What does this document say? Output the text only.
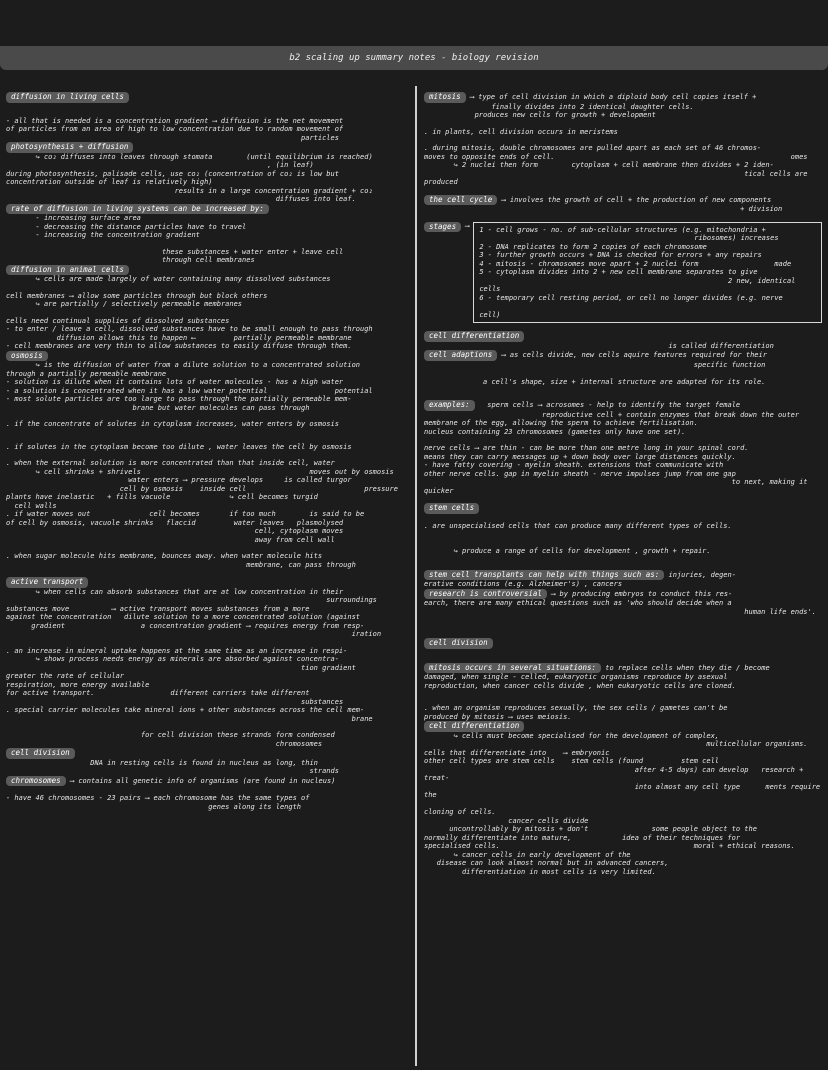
b2 scaling up summary notes - biology revision
diffusion in living cells

- all that is needed is a concentration gradient ⟶ diffusion is the net movement
of particles from an area of high to low concentration due to random movement of
particles

photosynthesis + diffusion

↪ co₂ diffuses into leaves through stomata        (until equilibrium is reached)
, (in leaf)
during photosynthesis, palisade cells, use co₂ (concentration of co₂ is low but
concentration outside of leaf is relatively high)

results in a large concentration gradient + co₂
diffuses into leaf.

rate of diffusion in living systems can be increased by:

- increasing surface area
- decreasing the distance particles have to travel
- increasing the concentration gradient

these substances + water enter + leave cell
through cell membranes

diffusion in animal cells

↪ cells are made largely of water containing many dissolved substances

cell membranes ⟶ allow some particles through but block others
↪ are partially / selectively permeable membranes

cells need continual supplies of dissolved substances
- to enter / leave a cell, dissolved substances have to be small enough to pass through
diffusion allows this to happen ⟵         partially permeable membrane
- cell membranes are very thin to allow substances to easily diffuse through them.

osmosis

↪ is the diffusion of water from a dilute solution to a concentrated solution
through a partially permeable membrane
- solution is dilute when it contains lots of water molecules - has a high water
- a solution is concentrated when it has a low water potential                potential

- most solute particles are too large to pass through the partially permeable mem-
brane but water molecules can pass through

. if the concentrate of solutes in cytoplasm increases, water enters by osmosis

. if solutes in the cytoplasm become too dilute , water leaves the cell by osmosis

. when the external solution is more concentrated than that inside cell, water
↪ cell shrinks + shrivels                                        moves out by osmosis
water enters ⟶ pressure develops     is called turgor
cell by osmosis    inside cell                            pressure
plants have inelastic   + fills vacuole              ↪ cell becomes turgid
cell walls
. if water moves out              cell becomes       if too much        is said to be
of cell by osmosis, vacuole shrinks   flaccid         water leaves   plasmolysed
cell, cytoplasm moves
away from cell wall

. when sugar molecule hits membrane, bounces away. when water molecule hits
membrane, can pass through

active transport

↪ when cells can absorb substances that are at low concentration in their
surroundings
substances move          ⟶ active transport moves substances from a more
against the concentration   dilute solution to a more concentrated solution (against
gradient                  a concentration gradient ⟶ requires energy from resp-
iration

. an increase in mineral uptake happens at the same time as an increase in respi-
↪ shows process needs energy as minerals are absorbed against concentra-
tion gradient
greater the rate of cellular
respiration, more energy available
for active transport.                  different carriers take different
substances

. special carrier molecules take mineral ions + other substances across the cell mem-
brane

for cell division these strands form condensed
chromosomes

cell division

DNA in resting cells is found in nucleus as long, thin
strands

chromosomes ⟶ contains all genetic info of organisms (are found in nucleus)

- have 46 chromosomes - 23 pairs ⟶ each chromosome has the same types of
genes along its length

mitosis ⟶ type of cell division in which a diploid body cell copies itself +
finally divides into 2 identical daughter cells.

produces new cells for growth + development

. in plants, cell division occurs in meristems

. during mitosis, double chromosomes are pulled apart as each set of 46 chromos-
moves to opposite ends of cell.                                                        omes
↪ 2 nuclei then form        cytoplasm + cell membrane then divides + 2 iden-
tical cells are produced

the cell cycle ⟶ involves the growth of cell + the production of new components
+ division
stages	⟶	1 - cell grows - no. of sub-cellular structures (e.g. mitochondria +
ribosomes) increases
2 - DNA replicates to form 2 copies of each chromosome
3 - further growth occurs + DNA is checked for errors + any repairs
4 - mitosis - chromosomes move apart + 2 nuclei form                  made
5 - cytoplasm divides into 2 + new cell membrane separates to give
2 new, identical cells
6 - temporary cell resting period, or cell no longer divides (e.g. nerve
cell)

cell differentiation

is called differentiation

cell adaptions ⟶ as cells divide, new cells aquire features required for their
specific function

a cell's shape, size + internal structure are adapted for its role.
examples:	sperm cells ⟶ acrosomes - help to identify the target female
reproductive cell + contain enzymes that break down the outer
membrane of the egg, allowing the sperm to achieve fertilisation.
nucleus containing 23 chromosomes (gametes only have one set).

nerve cells ⟶ are thin - can be more than one metre long in your spinal cord.
means they can carry messages up + down body over large distances quickly.
- have fatty covering - myelin sheath. extensions that communicate with
other nerve cells. gap in myelin sheath - nerve impulses jump from one gap
to next, making it quicker

stem cells

. are unspecialised cells that can produce many different types of cells.

↪ produce a range of cells for development , growth + repair.

stem cell transplants can help with things such as: injuries, degen-
erative conditions (e.g. Alzheimer's) , cancers
research is controversial ⟶ by producing embryos to conduct this res-
earch, there are many ethical questions such as 'who should decide when a
human life ends'.
cell division
mitosis occurs in several situations: to replace cells when they die / become
damaged, when single - celled, eukaryotic organisms reproduce by asexual
reproduction, when cancer cells divide , when eukaryotic cells are cloned.

. when an organism reproduces sexually, the sex cells / gametes can't be
produced by mitosis ⟶ uses meiosis.

cell differentiation

↪ cells must become specialised for the development of complex,
multicellular organisms.
cells that differentiate into    ⟶ embryonic
other cell types are stem cells    stem cells (found         stem cell
after 4-5 days) can develop   research + treat-
into almost any cell type      ments require the
cloning of cells.
cancer cells divide
uncontrollably by mitosis + don't               some people object to the
normally differentiate into mature,            idea of their techniques for
specialised cells.                                              moral + ethical reasons.
↪ cancer cells in early development of the
disease can look almost normal but in advanced cancers,
differentiation in most cells is very limited.
